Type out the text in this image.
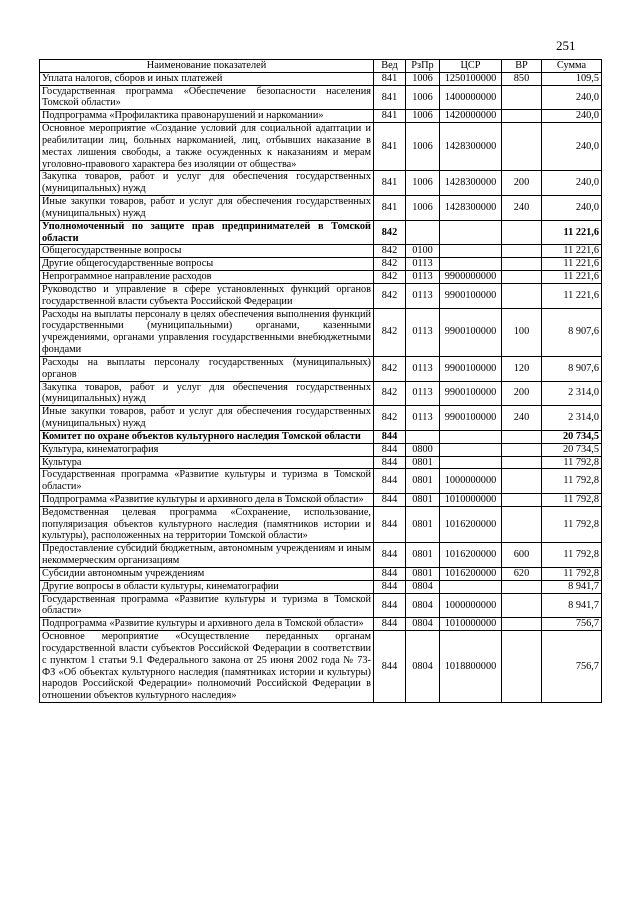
251
Наименование показателей	Вед	РзПр	ЦСР	ВР	Сумма
Уплата налогов, сборов и иных платежей	841	1006	1250100000	850	109,5
Государственная программа «Обеспечение безопасности населения Томской области»	841	1006	1400000000		240,0
Подпрограмма «Профилактика правонарушений и наркомании»	841	1006	1420000000		240,0
Основное мероприятие «Создание условий для социальной адаптации и реабилитации лиц, больных наркоманией, лиц, отбывших наказание в местах лишения свободы, а также осужденных к наказаниям и мерам уголовно-правового характера без изоляции от общества»	841	1006	1428300000		240,0
Закупка товаров, работ и услуг для обеспечения государственных (муниципальных) нужд	841	1006	1428300000	200	240,0
Иные закупки товаров, работ и услуг для обеспечения государственных (муниципальных) нужд	841	1006	1428300000	240	240,0
Уполномоченный по защите прав предпринимателей в Томской области	842				11 221,6
Общегосударственные вопросы	842	0100			11 221,6
Другие общегосударственные вопросы	842	0113			11 221,6
Непрограммное направление расходов	842	0113	9900000000		11 221,6
Руководство и управление в сфере установленных функций органов государственной власти субъекта Российской Федерации	842	0113	9900100000		11 221,6
Расходы на выплаты персоналу в целях обеспечения выполнения функций государственными (муниципальными) органами, казенными учреждениями, органами управления государственными внебюджетными фондами	842	0113	9900100000	100	8 907,6
Расходы на выплаты персоналу государственных (муниципальных) органов	842	0113	9900100000	120	8 907,6
Закупка товаров, работ и услуг для обеспечения государственных (муниципальных) нужд	842	0113	9900100000	200	2 314,0
Иные закупки товаров, работ и услуг для обеспечения государственных (муниципальных) нужд	842	0113	9900100000	240	2 314,0
Комитет по охране объектов культурного наследия Томской области	844				20 734,5
Культура, кинематография	844	0800			20 734,5
Культура	844	0801			11 792,8
Государственная программа «Развитие культуры и туризма в Томской области»	844	0801	1000000000		11 792,8
Подпрограмма «Развитие культуры и архивного дела в Томской области»	844	0801	1010000000		11 792,8
Ведомственная целевая программа «Сохранение, использование, популяризация объектов культурного наследия (памятников истории и культуры), расположенных на территории Томской области»	844	0801	1016200000		11 792,8
Предоставление субсидий бюджетным, автономным учреждениям и иным некоммерческим организациям	844	0801	1016200000	600	11 792,8
Субсидии автономным учреждениям	844	0801	1016200000	620	11 792,8
Другие вопросы в области культуры, кинематографии	844	0804			8 941,7
Государственная программа «Развитие культуры и туризма в Томской области»	844	0804	1000000000		8 941,7
Подпрограмма «Развитие культуры и архивного дела в Томской области»	844	0804	1010000000		756,7
Основное мероприятие «Осуществление переданных органам государственной власти субъектов Российской Федерации в соответствии с пунктом 1 статьи 9.1 Федерального закона от 25 июня 2002 года № 73-ФЗ «Об объектах культурного наследия (памятниках истории и культуры) народов Российской Федерации» полномочий Российской Федерации в отношении объектов культурного наследия»	844	0804	1018800000		756,7
